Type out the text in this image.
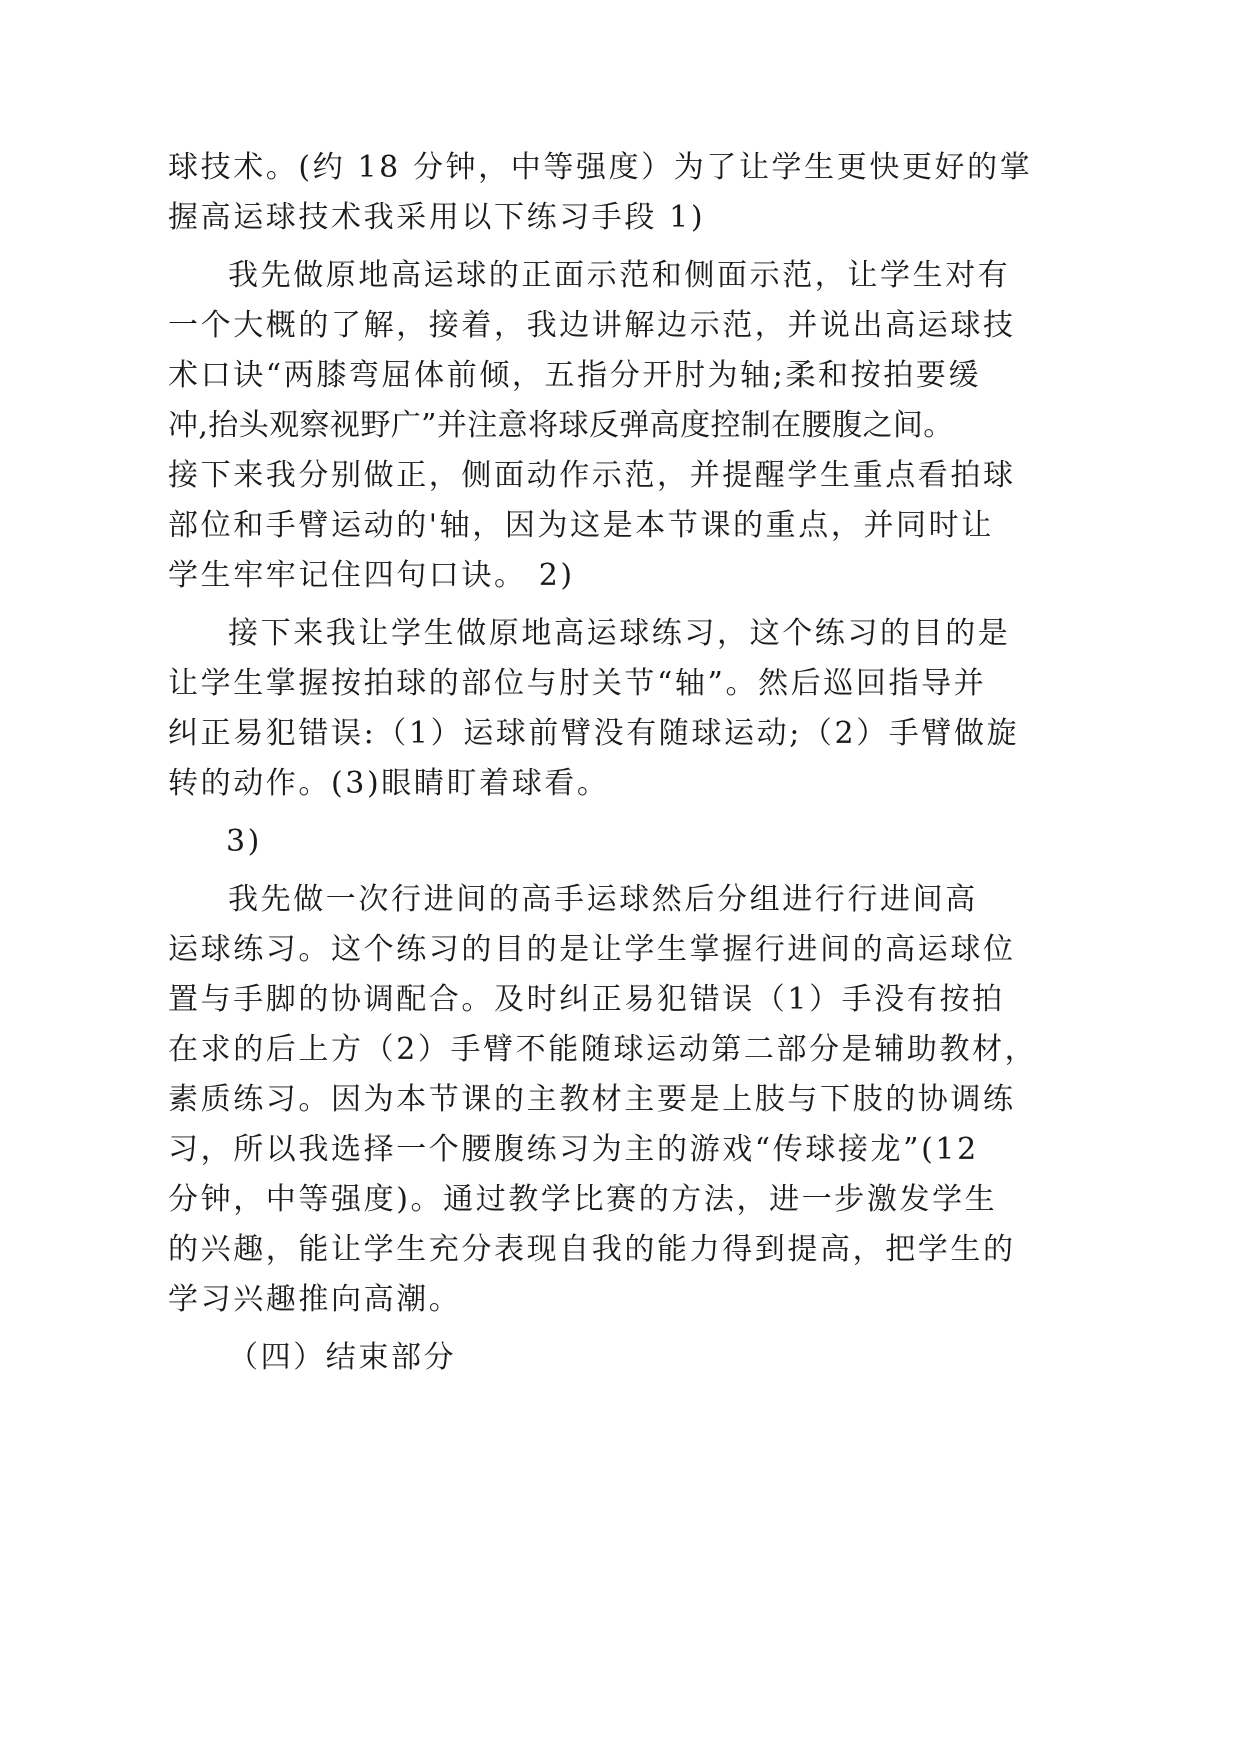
球技术。(约 18 分钟，中等强度）为了让学生更快更好的掌
握高运球技术我采用以下练习手段 1)
我先做原地高运球的正面示范和侧面示范，让学生对有
一个大概的了解，接着，我边讲解边示范，并说出高运球技
术口诀“两膝弯屈体前倾，五指分开肘为轴;柔和按拍要缓
冲,抬头观察视野广”并注意将球反弹高度控制在腰腹之间。
接下来我分别做正，侧面动作示范，并提醒学生重点看拍球
部位和手臂运动的'轴，因为这是本节课的重点，并同时让
学生牢牢记住四句口诀。 2)
接下来我让学生做原地高运球练习，这个练习的目的是
让学生掌握按拍球的部位与肘关节“轴”。然后巡回指导并
纠正易犯错误:（1）运球前臂没有随球运动;（2）手臂做旋
转的动作。(3)眼睛盯着球看。
3)
我先做一次行进间的高手运球然后分组进行行进间高
运球练习。这个练习的目的是让学生掌握行进间的高运球位
置与手脚的协调配合。及时纠正易犯错误（1）手没有按拍
在求的后上方（2）手臂不能随球运动第二部分是辅助教材，
素质练习。因为本节课的主教材主要是上肢与下肢的协调练
习，所以我选择一个腰腹练习为主的游戏“传球接龙”(12
分钟，中等强度)。通过教学比赛的方法，进一步激发学生
的兴趣，能让学生充分表现自我的能力得到提高，把学生的
学习兴趣推向高潮。
（四）结束部分
